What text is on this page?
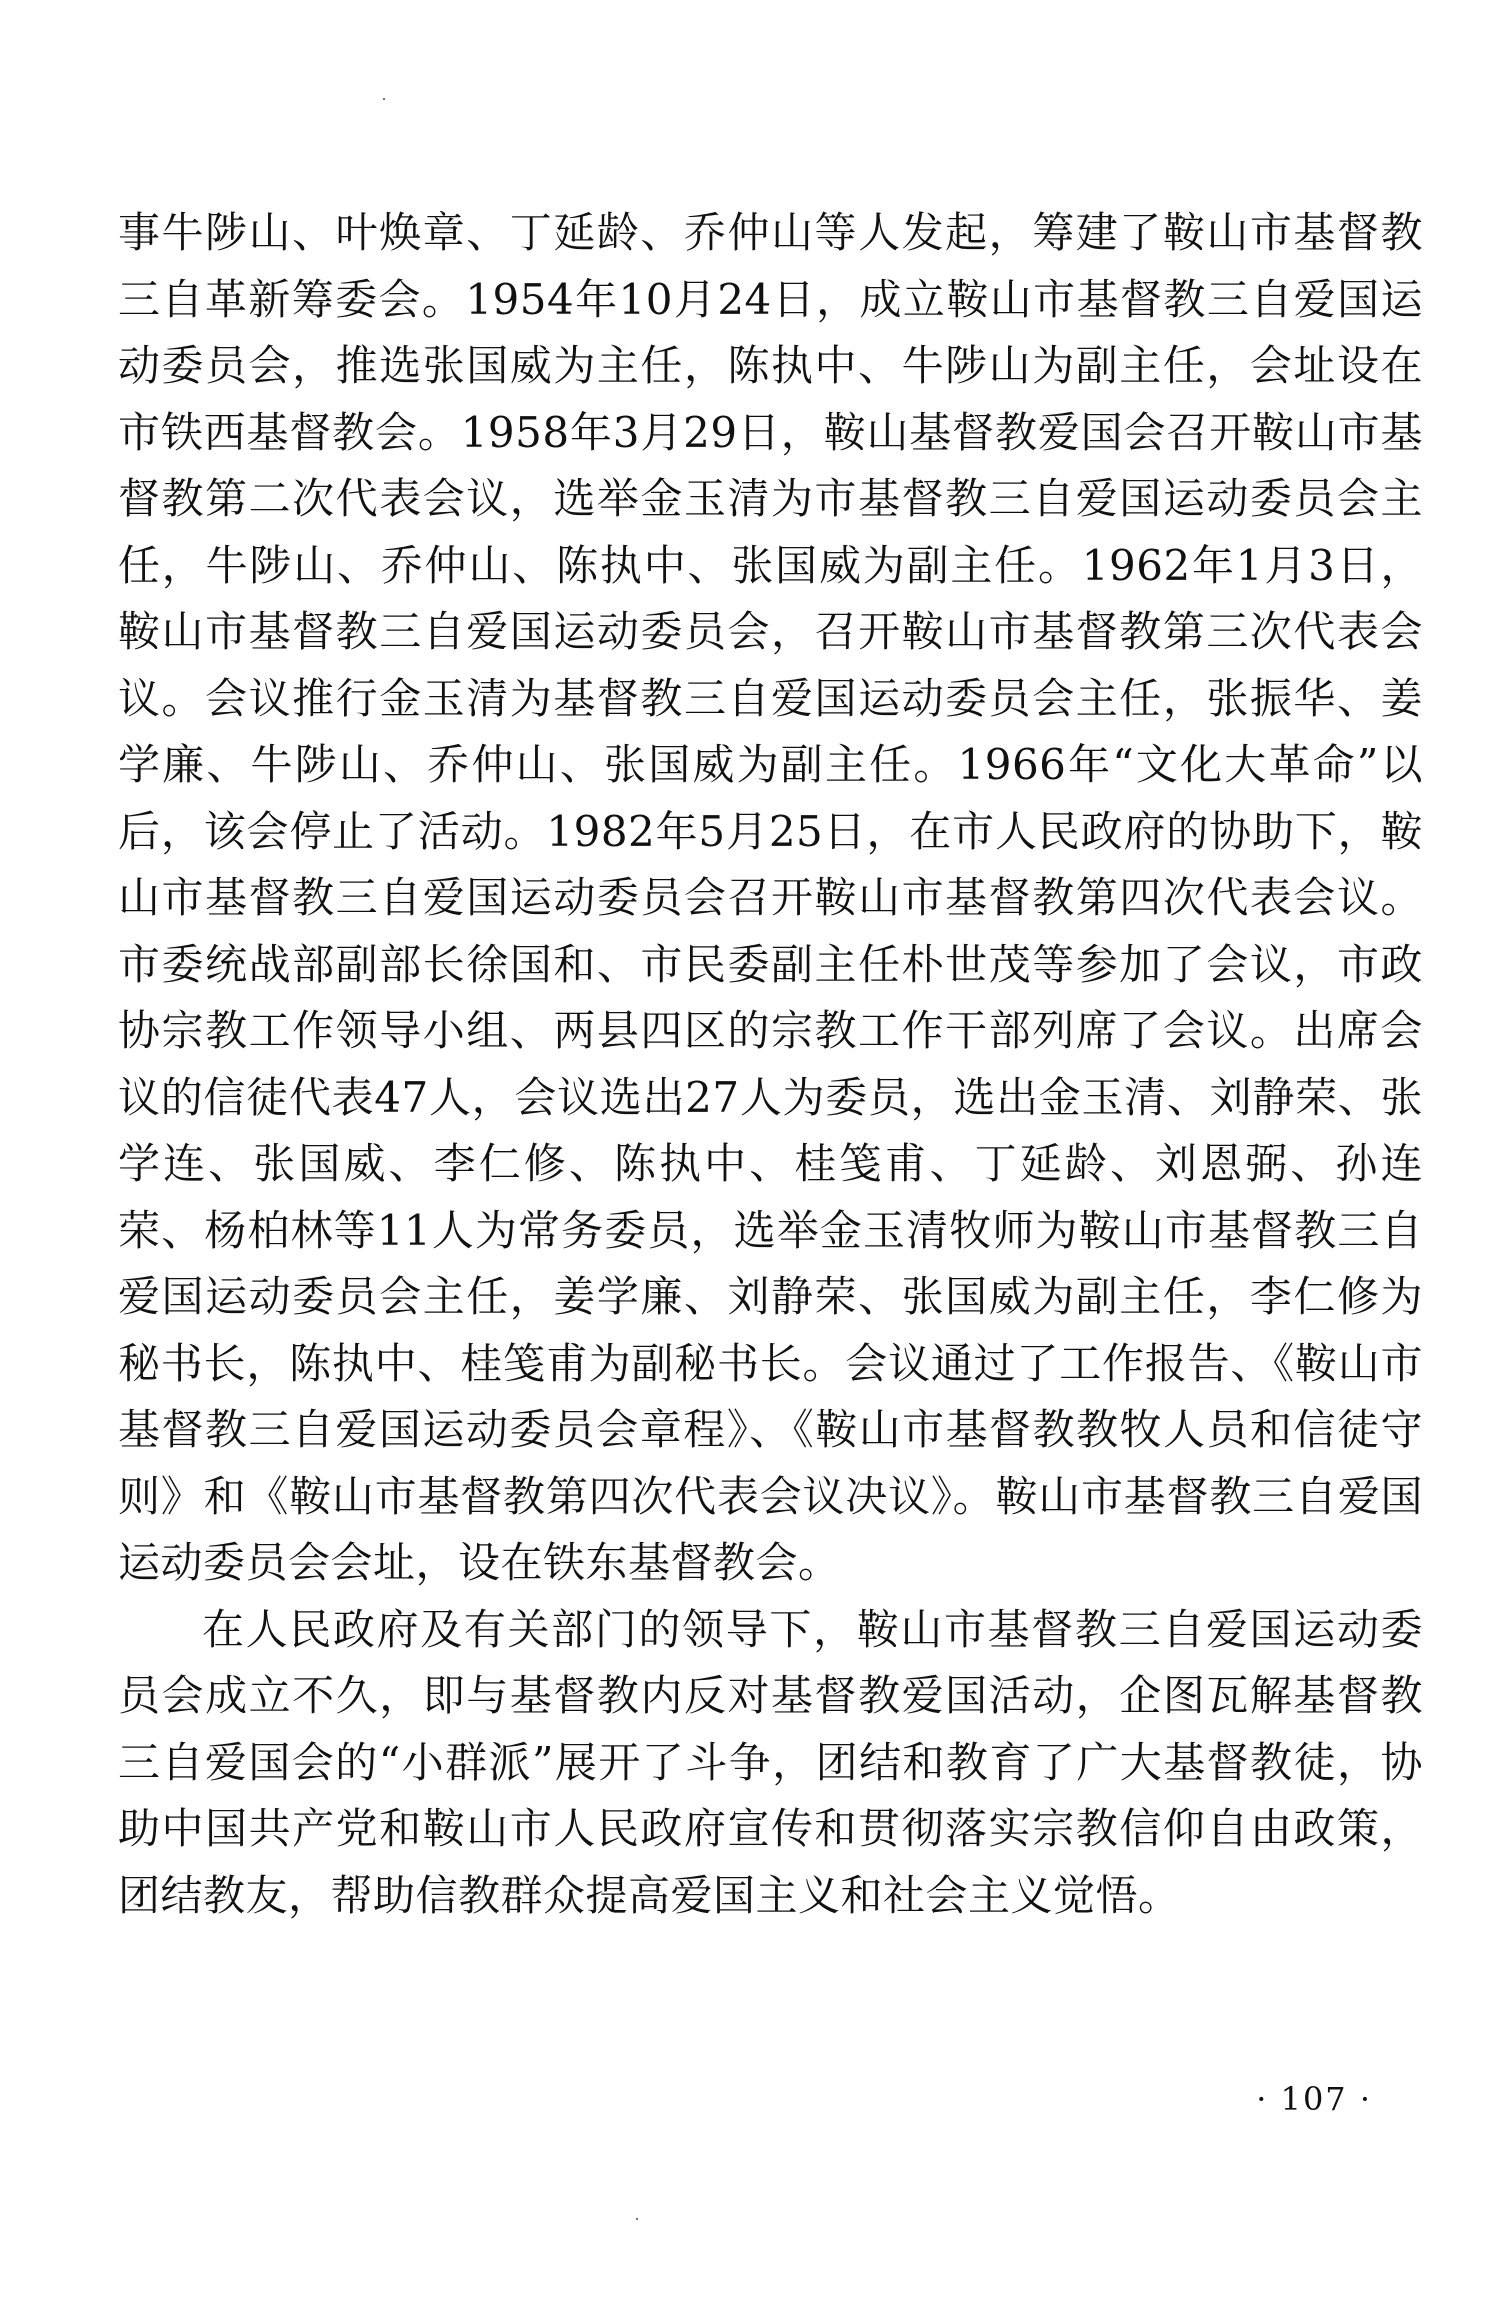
事牛陟山、叶焕章、丁延龄、乔仲山等人发起，筹建了鞍山市基督教三自革新筹委会。1954年10月24日，成立鞍山市基督教三自爱国运动委员会，推选张国威为主任，陈执中、牛陟山为副主任，会址设在市铁西基督教会。1958年3月29日，鞍山基督教爱国会召开鞍山市基督教第二次代表会议，选举金玉清为市基督教三自爱国运动委员会主任，牛陟山、乔仲山、陈执中、张国威为副主任。1962年1月3日，鞍山市基督教三自爱国运动委员会，召开鞍山市基督教第三次代表会议。会议推行金玉清为基督教三自爱国运动委员会主任，张振华、姜学廉、牛陟山、乔仲山、张国威为副主任。1966年“文化大革命”以后，该会停止了活动。1982年5月25日，在市人民政府的协助下，鞍山市基督教三自爱国运动委员会召开鞍山市基督教第四次代表会议。市委统战部副部长徐国和、市民委副主任朴世茂等参加了会议，市政协宗教工作领导小组、两县四区的宗教工作干部列席了会议。出席会议的信徒代表47人，会议选出27人为委员，选出金玉清、刘静荣、张学连、张国威、李仁修、陈执中、桂笺甫、丁延龄、刘恩弼、孙连荣、杨柏林等11人为常务委员，选举金玉清牧师为鞍山市基督教三自爱国运动委员会主任，姜学廉、刘静荣、张国威为副主任，李仁修为秘书长，陈执中、桂笺甫为副秘书长。会议通过了工作报告、《鞍山市基督教三自爱国运动委员会章程》、《鞍山市基督教教牧人员和信徒守则》和《鞍山市基督教第四次代表会议决议》。鞍山市基督教三自爱国运动委员会会址，设在铁东基督教会。

在人民政府及有关部门的领导下，鞍山市基督教三自爱国运动委员会成立不久，即与基督教内反对基督教爱国活动，企图瓦解基督教三自爱国会的“小群派”展开了斗争，团结和教育了广大基督教徒，协助中国共产党和鞍山市人民政府宣传和贯彻落实宗教信仰自由政策，团结教友，帮助信教群众提高爱国主义和社会主义觉悟。

· 107 ·
